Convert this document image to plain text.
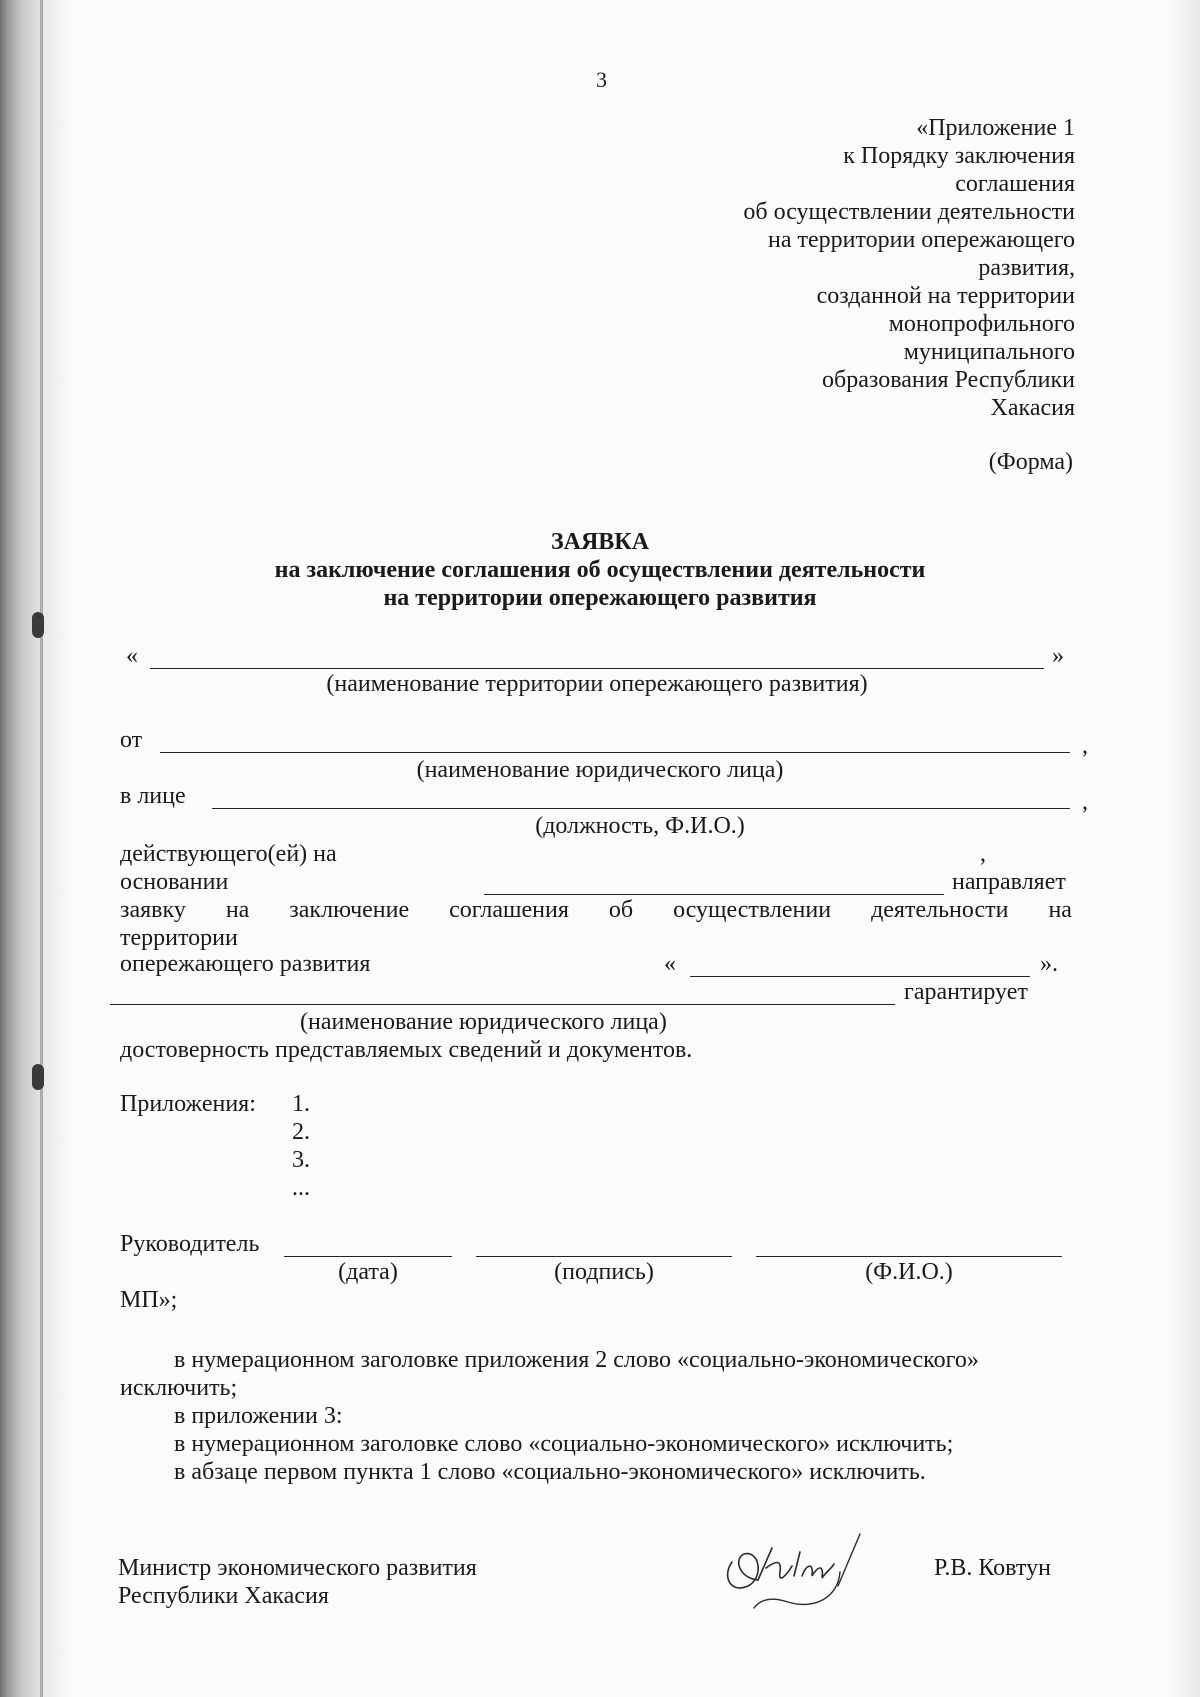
3
«Приложение 1
к Порядку заключения
соглашения
об осуществлении деятельности
на территории опережающего
развития,
созданной на территории
монопрофильного
муниципального
образования Республики
Хакасия
(Форма)
ЗАЯВКА
на заключение соглашения об осуществлении деятельности
на территории опережающего развития
«	»
(наименование территории опережающего развития)
от	,
(наименование юридического лица)
в лице	,
(должность, Ф.И.О.)
действующего(ей) на	,
основании	направляет
заявку на заключение соглашения об осуществлении деятельности на
территории
опережающего развития	«	».
гарантирует
(наименование юридического лица)
достоверность представляемых сведений и документов.
Приложения: 1.
2.
3.
...
Руководитель
(дата)	(подпись)	(Ф.И.О.)
МП»;
в нумерационном заголовке приложения 2 слово «социально-экономического»
исключить;
в приложении 3:
в нумерационном заголовке слово «социально-экономического» исключить;
в абзаце первом пункта 1 слово «социально-экономического» исключить.
Министр экономического развития
Республики Хакасия
Р.В. Ковтун
